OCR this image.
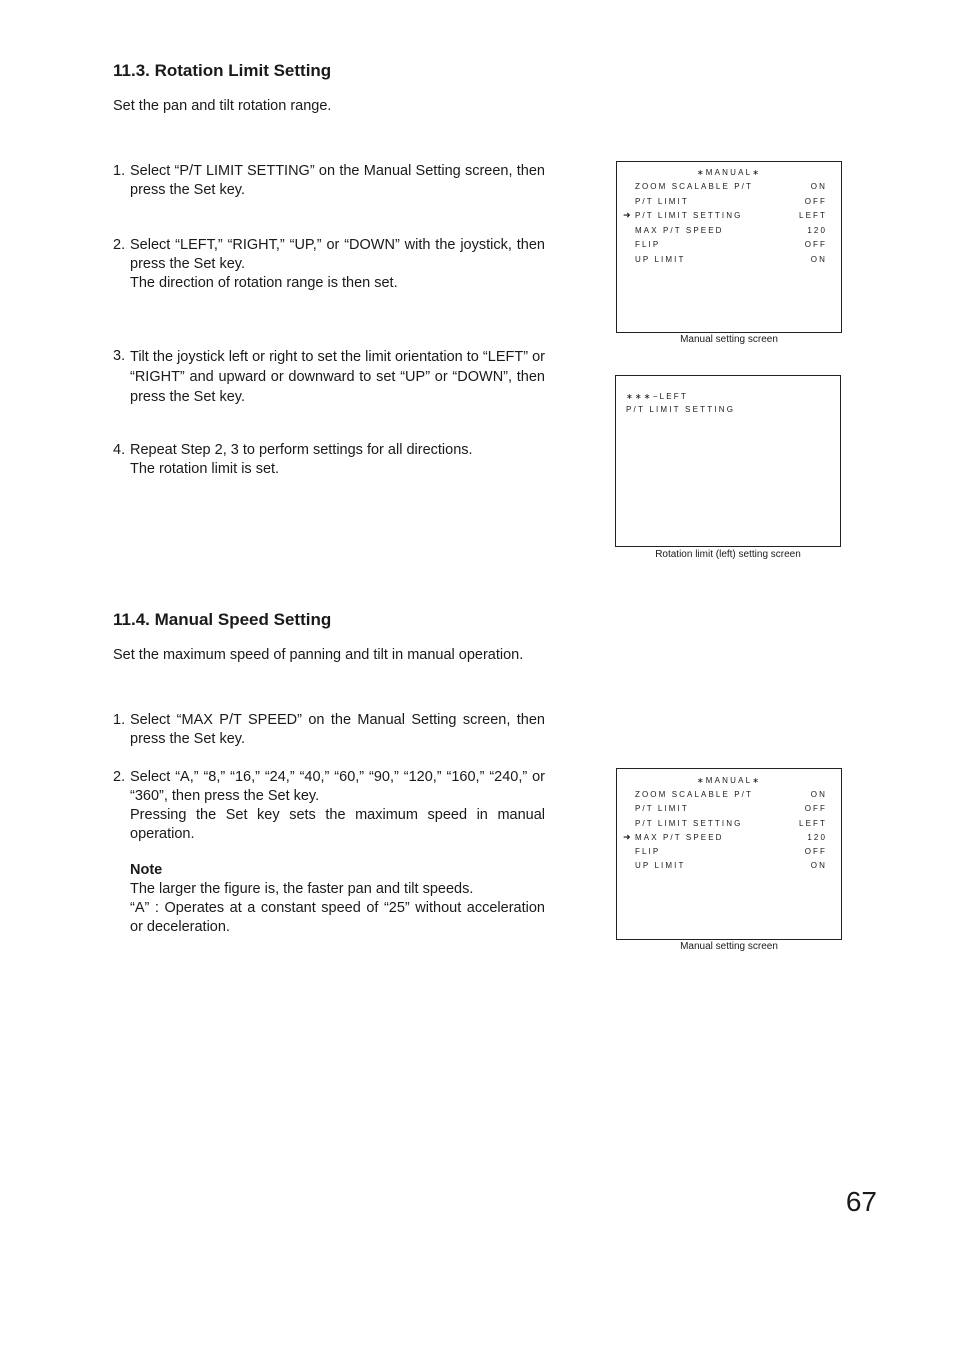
11.3. Rotation Limit Setting
Set the pan and tilt rotation range.
1. Select “P/T LIMIT SETTING” on the Manual Setting screen, then press the Set key.

2. Select “LEFT,” “RIGHT,” “UP,” or “DOWN” with the joystick, then press the Set key.

The direction of rotation range is then set.

3. Tilt the joystick left or right to set the limit orientation to “LEFT” or “RIGHT” and upward or downward to set “UP” or “DOWN”, then press the Set key.

4. Repeat Step 2, 3 to perform settings for all directions.

The rotation limit is set.

∗MANUAL∗
ZOOM SCALABLE P/T	ON
P/T LIMIT	OFF
➜ P/T LIMIT SETTING	LEFT
MAX P/T SPEED	120
FLIP	OFF
UP LIMIT	ON
Manual setting screen
∗∗∗−LEFT
P/T LIMIT SETTING
Rotation limit (left) setting screen
11.4. Manual Speed Setting
Set the maximum speed of panning and tilt in manual operation.
1. Select “MAX P/T SPEED” on the Manual Setting screen, then press the Set key.

2. Select “A,” “8,” “16,” “24,” “40,” “60,” “90,” “120,” “160,” “240,” or “360”, then press the Set key.

Pressing the Set key sets the maximum speed in manual operation.

Note

The larger the figure is, the faster pan and tilt speeds.

“A” : Operates at a constant speed of “25” without acceleration or deceleration.

∗MANUAL∗
ZOOM SCALABLE P/T	ON
P/T LIMIT	OFF
P/T LIMIT SETTING	LEFT
➜ MAX P/T SPEED	120
FLIP	OFF
UP LIMIT	ON
Manual setting screen
67
